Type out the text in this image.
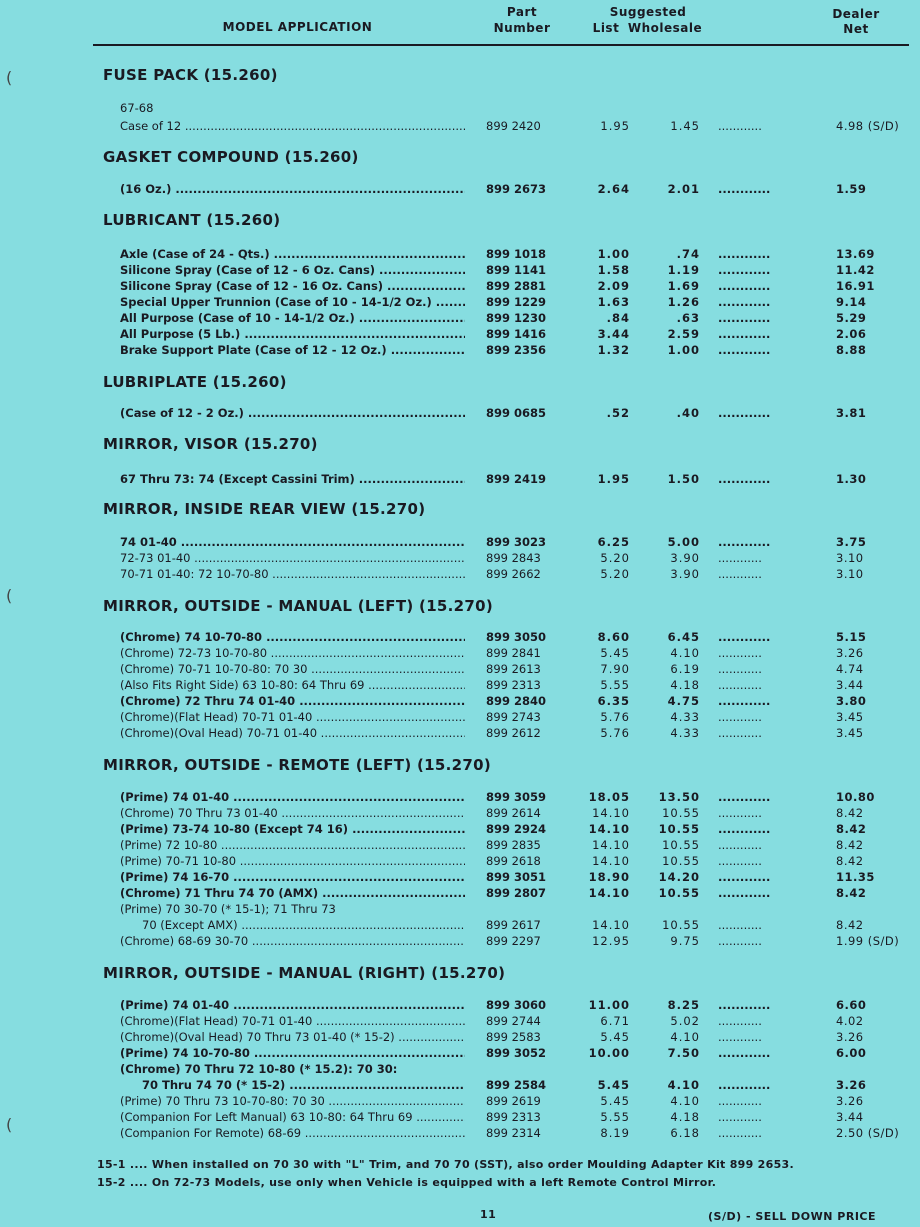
MODEL APPLICATION
Part
Number
Suggested
List Wholesale
Dealer
Net
(
(
(
FUSE PACK (15.260)
67-68
Case of 12 .....	899 2420	1.95	1.45 ............	4.98 (S/D)
GASKET COMPOUND (15.260)
(16 Oz.) .....	899 2673	2.64	2.01 ............	1.59
LUBRICANT (15.260)
Axle (Case of 24 - Qts.) .....	899 1018	1.00	.74 ............	13.69
Silicone Spray (Case of 12 - 6 Oz. Cans) .....	899 1141	1.58	1.19 ............	11.42
Silicone Spray (Case of 12 - 16 Oz. Cans) .....	899 2881	2.09	1.69 ............	16.91
Special Upper Trunnion (Case of 10 - 14-1/2 Oz.) .....	899 1229	1.63	1.26 ............	9.14
All Purpose (Case of 10 - 14-1/2 Oz.) .....	899 1230	.84	.63 ............	5.29
All Purpose (5 Lb.) .....	899 1416	3.44	2.59 ............	2.06
Brake Support Plate (Case of 12 - 12 Oz.) .....	899 2356	1.32	1.00 ............	8.88
LUBRIPLATE (15.260)
(Case of 12 - 2 Oz.) .....	899 0685	.52	.40 ............	3.81
MIRROR, VISOR (15.270)
67 Thru 73: 74 (Except Cassini Trim) .....	899 2419	1.95	1.50 ............	1.30
MIRROR, INSIDE REAR VIEW (15.270)
74 01-40 .....	899 3023	6.25	5.00 ............	3.75
72-73 01-40 .....	899 2843	5.20	3.90 ............	3.10
70-71 01-40: 72 10-70-80 .....	899 2662	5.20	3.90 ............	3.10
MIRROR, OUTSIDE - MANUAL (LEFT) (15.270)
(Chrome) 74 10-70-80 .....	899 3050	8.60	6.45 ............	5.15
(Chrome) 72-73 10-70-80 .....	899 2841	5.45	4.10 ............	3.26
(Chrome) 70-71 10-70-80: 70 30 .....	899 2613	7.90	6.19 ............	4.74
(Also Fits Right Side) 63 10-80: 64 Thru 69 .....	899 2313	5.55	4.18 ............	3.44
(Chrome) 72 Thru 74 01-40 .....	899 2840	6.35	4.75 ............	3.80
(Chrome)(Flat Head) 70-71 01-40 .....	899 2743	5.76	4.33 ............	3.45
(Chrome)(Oval Head) 70-71 01-40 .....	899 2612	5.76	4.33 ............	3.45
MIRROR, OUTSIDE - REMOTE (LEFT) (15.270)
(Prime) 74 01-40 .....	899 3059	18.05	13.50 ............	10.80
(Chrome) 70 Thru 73 01-40 .....	899 2614	14.10	10.55 ............	8.42
(Prime) 73-74 10-80 (Except 74 16) .....	899 2924	14.10	10.55 ............	8.42
(Prime) 72 10-80 .....	899 2835	14.10	10.55 ............	8.42
(Prime) 70-71 10-80 .....	899 2618	14.10	10.55 ............	8.42
(Prime) 74 16-70 .....	899 3051	18.90	14.20 ............	11.35
(Chrome) 71 Thru 74 70 (AMX) .....	899 2807	14.10	10.55 ............	8.42
(Prime) 70 30-70 (* 15-1); 71 Thru 73
70 (Except AMX) .....	899 2617	14.10	10.55 ............	8.42
(Chrome) 68-69 30-70 .....	899 2297	12.95	9.75 ............	1.99 (S/D)
MIRROR, OUTSIDE - MANUAL (RIGHT) (15.270)
(Prime) 74 01-40 .....	899 3060	11.00	8.25 ............	6.60
(Chrome)(Flat Head) 70-71 01-40 .....	899 2744	6.71	5.02 ............	4.02
(Chrome)(Oval Head) 70 Thru 73 01-40 (* 15-2) .....	899 2583	5.45	4.10 ............	3.26
(Prime) 74 10-70-80 .....	899 3052	10.00	7.50 ............	6.00
(Chrome) 70 Thru 72 10-80 (* 15.2): 70 30:
70 Thru 74 70 (* 15-2) .....	899 2584	5.45	4.10 ............	3.26
(Prime) 70 Thru 73 10-70-80: 70 30 .....	899 2619	5.45	4.10 ............	3.26
(Companion For Left Manual) 63 10-80: 64 Thru 69 .....	899 2313	5.55	4.18 ............	3.44
(Companion For Remote) 68-69 .....	899 2314	8.19	6.18 ............	2.50 (S/D)
15-1 .... When installed on 70 30 with "L" Trim, and 70 70 (SST), also order Moulding Adapter Kit 899 2653.
15-2 .... On 72-73 Models, use only when Vehicle is equipped with a left Remote Control Mirror.
11	(S/D) - SELL DOWN PRICE
